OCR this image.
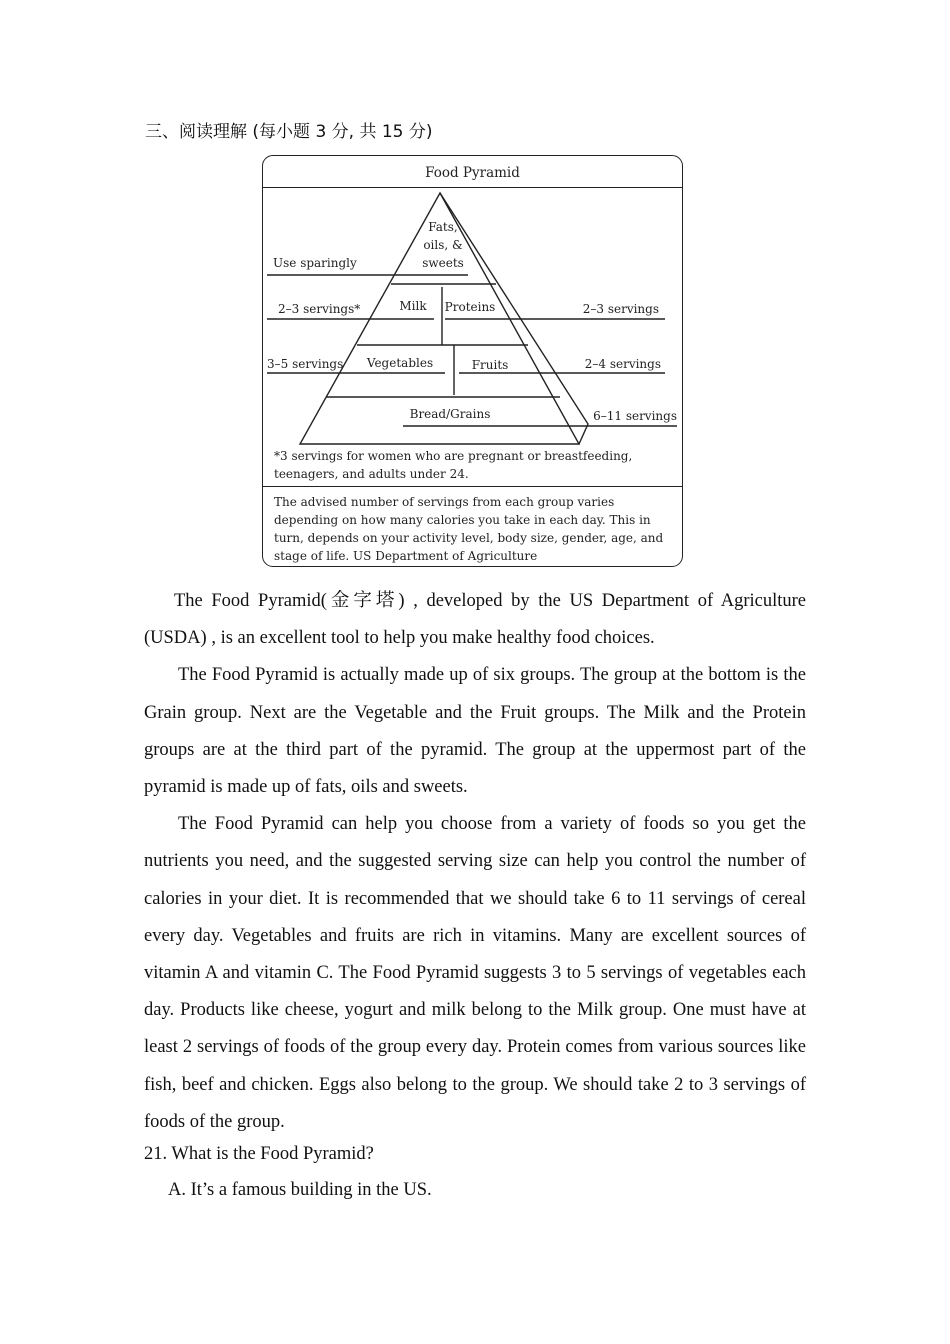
三、阅读理解 (每小题 3 分, 共 15 分)
Food Pyramid
Fats,
oils, &
sweets
Use sparingly
Milk Proteins
2–3 servings*	2–3 servings
Vegetables	Fruits
3–5 servings	2–4 servings
Bread/Grains	6–11 servings
*3 servings for women who are pregnant or breastfeeding, teenagers, and adults under 24.
The advised number of servings from each group varies depending on how many calories you take in each day. This in turn, depends on your activity level, body size, gender, age, and stage of life. US Department of Agriculture

The Food Pyramid(金字塔) , developed by the US Department of Agriculture (USDA) , is an excellent tool to help you make healthy food choices.

The Food Pyramid is actually made up of six groups. The group at the bottom is the Grain group. Next are the Vegetable and the Fruit groups. The Milk and the Protein groups are at the third part of the pyramid. The group at the uppermost part of the pyramid is made up of fats, oils and sweets.

The Food Pyramid can help you choose from a variety of foods so you get the nutrients you need, and the suggested serving size can help you control the number of calories in your diet. It is recommended that we should take 6 to 11 servings of cereal every day. Vegetables and fruits are rich in vitamins. Many are excellent sources of vitamin A and vitamin C. The Food Pyramid suggests 3 to 5 servings of vegetables each day. Products like cheese, yogurt and milk belong to the Milk group. One must have at least 2 servings of foods of the group every day. Protein comes from various sources like fish, beef and chicken. Eggs also belong to the group. We should take 2 to 3 servings of foods of the group.

21. What is the Food Pyramid?
A. It’s a famous building in the US.
